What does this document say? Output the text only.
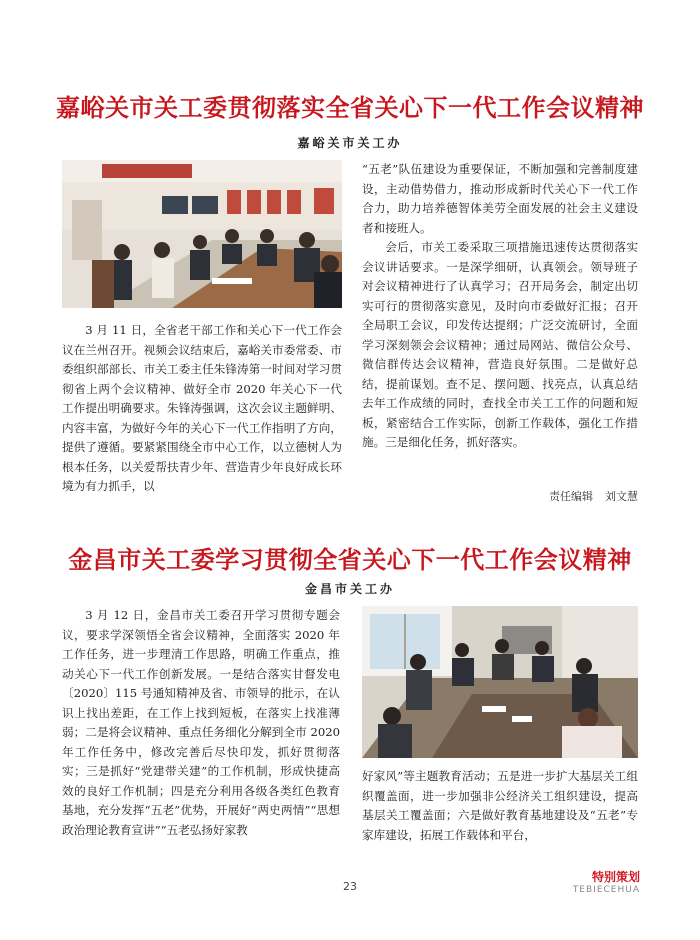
嘉峪关市关工委贯彻落实全省关心下一代工作会议精神
嘉峪关市关工办

3 月 11 日，全省老干部工作和关心下一代工作会议在兰州召开。视频会议结束后，嘉峪关市委常委、市委组织部部长、市关工委主任朱锋涛第一时间对学习贯彻省上两个会议精神、做好全市 2020 年关心下一代工作提出明确要求。朱锋涛强调，这次会议主题鲜明、内容丰富，为做好今年的关心下一代工作指明了方向，提供了遵循。要紧紧围绕全市中心工作，以立德树人为根本任务，以关爱帮扶青少年、营造青少年良好成长环境为有力抓手，以

“五老”队伍建设为重要保证，不断加强和完善制度建设，主动借势借力，推动形成新时代关心下一代工作合力，助力培养德智体美劳全面发展的社会主义建设者和接班人。

会后，市关工委采取三项措施迅速传达贯彻落实会议讲话要求。一是深学细研，认真领会。领导班子对会议精神进行了认真学习；召开局务会，制定出切实可行的贯彻落实意见，及时向市委做好汇报；召开全局职工会议，印发传达提纲；广泛交流研讨，全面学习深刻领会会议精神；通过局网站、微信公众号、微信群传达会议精神，营造良好氛围。二是做好总结，提前谋划。查不足、摆问题、找亮点，认真总结去年工作成绩的同时，查找全市关工工作的问题和短板，紧密结合工作实际，创新工作载体，强化工作措施。三是细化任务，抓好落实。

责任编辑 刘文慧
金昌市关工委学习贯彻全省关心下一代工作会议精神
金昌市关工办

3 月 12 日，金昌市关工委召开学习贯彻专题会议，要求学深领悟全省会议精神，全面落实 2020 年工作任务，进一步理清工作思路，明确工作重点，推动关心下一代工作创新发展。一是结合落实甘督发电〔2020〕115 号通知精神及省、市领导的批示，在认识上找出差距，在工作上找到短板，在落实上找准薄弱；二是将会议精神、重点任务细化分解到全市 2020 年工作任务中，修改完善后尽快印发，抓好贯彻落实；三是抓好“党建带关建”的工作机制，形成快捷高效的良好工作机制；四是充分利用各级各类红色教育基地，充分发挥“五老”优势，开展好“两史两情”“思想政治理论教育宣讲”“五老弘扬好家教

好家风”等主题教育活动；五是进一步扩大基层关工组织覆盖面，进一步加强非公经济关工组织建设，提高基层关工覆盖面；六是做好教育基地建设及“五老”专家库建设，拓展工作载体和平台，

23
特别策划
TEBIECEHUA
